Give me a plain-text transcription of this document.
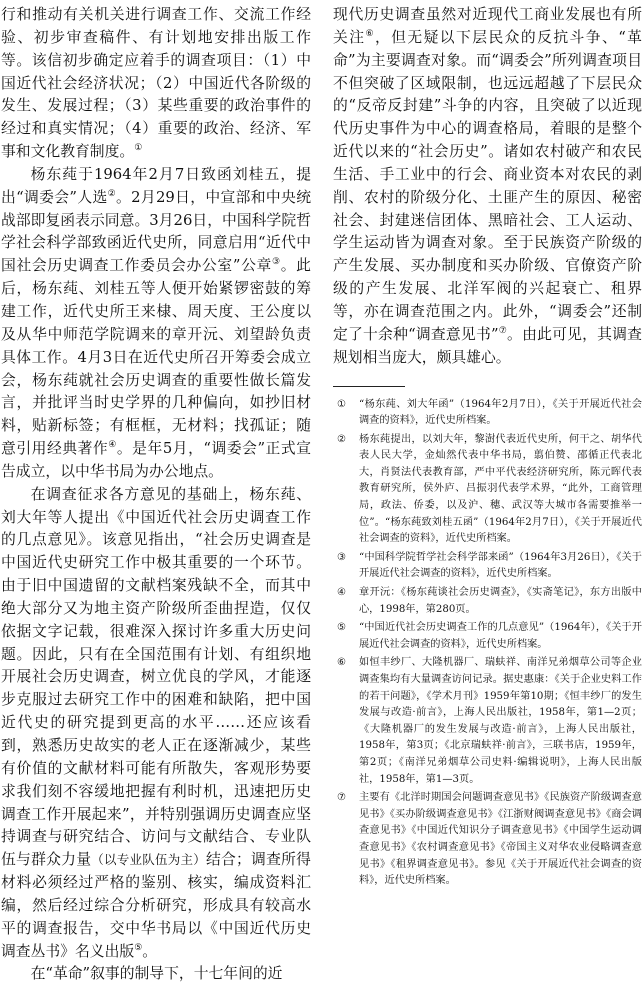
行和推动有关机关进行调查工作、交流工作经验、初步审查稿件、有计划地安排出版工作等。该信初步确定应着手的调查项目：（1）中国近代社会经济状况；（2）中国近代各阶级的发生、发展过程；（3）某些重要的政治事件的经过和真实情况；（4）重要的政治、经济、军事和文化教育制度。①

杨东莼于1964年2月7日致函刘桂五，提出“调委会”人选②。2月29日，中宣部和中央统战部即复函表示同意。3月26日，中国科学院哲学社会科学部致函近代史所，同意启用“近代中国社会历史调查工作委员会办公室”公章③。此后，杨东莼、刘桂五等人便开始紧锣密鼓的筹建工作，近代史所王来棣、周天度、王公度以及从华中师范学院调来的章开沅、刘望龄负责具体工作。4月3日在近代史所召开筹委会成立会，杨东莼就社会历史调查的重要性做长篇发言，并批评当时史学界的几种偏向，如抄旧材料，贴新标签；有框框，无材料；找孤证；随意引用经典著作④。是年5月，“调委会”正式宣告成立，以中华书局为办公地点。

在调查征求各方意见的基础上，杨东莼、刘大年等人提出《中国近代社会历史调查工作的几点意见》。该意见指出，“社会历史调查是中国近代史研究工作中极其重要的一个环节。由于旧中国遗留的文献档案残缺不全，而其中绝大部分又为地主资产阶级所歪曲捏造，仅仅依据文字记载，很难深入探讨许多重大历史问题。因此，只有在全国范围有计划、有组织地开展社会历史调查，树立优良的学风，才能逐步克服过去研究工作中的困难和缺陷，把中国近代史的研究提到更高的水平……还应该看到，熟悉历史故实的老人正在逐渐减少，某些有价值的文献材料可能有所散失，客观形势要求我们刻不容缓地把握有利时机，迅速把历史调查工作开展起来”，并特别强调历史调查应坚持调查与研究结合、访问与文献结合、专业队伍与群众力量（以专业队伍为主）结合；调查所得材料必须经过严格的鉴别、核实，编成资料汇编，然后经过综合分析研究，形成具有较高水平的调查报告，交中华书局以《中国近代历史调查丛书》名义出版⑤。

在“革命”叙事的制导下，十七年间的近

现代历史调查虽然对近现代工商业发展也有所关注⑥，但无疑以下层民众的反抗斗争、“革命”为主要调查对象。而“调委会”所列调查项目不但突破了区域限制，也远远超越了下层民众的“反帝反封建”斗争的内容，且突破了以近现代历史事件为中心的调查格局，着眼的是整个近代以来的“社会历史”。诸如农村破产和农民生活、手工业中的行会、商业资本对农民的剥削、农村的阶级分化、土匪产生的原因、秘密社会、封建迷信团体、黑暗社会、工人运动、学生运动皆为调查对象。至于民族资产阶级的产生发展、买办制度和买办阶级、官僚资产阶级的产生发展、北洋军阀的兴起衰亡、租界等，亦在调查范围之内。此外，“调委会”还制定了十余种“调查意见书”⑦。由此可见，其调查规划相当庞大，颇具雄心。

①	“杨东莼、刘大年函”（1964年2月7日），《关于开展近代社会调查的资料》，近代史所档案。
②	杨东莼提出，以刘大年，黎澍代表近代史所，何干之、胡华代表人民大学，金灿然代表中华书局，翦伯赞、邵循正代表北大，肖贤法代表教育部，严中平代表经济研究所，陈元晖代表教育研究所，侯外庐、吕振羽代表学术界，“此外，工商管理局，政法、侨委，以及沪、穗、武汉等大城市各需要推举一位”。“杨东莼致刘桂五函”（1964年2月7日），《关于开展近代社会调查的资料》，近代史所档案。
③	“中国科学院哲学社会科学部来函”（1964年3月26日），《关于开展近代社会调查的资料》，近代史所档案。
④	章开沅：《杨东莼谈社会历史调查》，《实斋笔记》，东方出版中心，1998年，第280页。
⑤	“中国近代社会历史调查工作的几点意见”（1964年），《关于开展近代社会调查的资料》，近代史所档案。
⑥	如恒丰纱厂、大隆机器厂、瑞蚨祥、南洋兄弟烟草公司等企业调查集均有大量调查访问记录。据史惠康：《关于企业史料工作的若干问题》，《学术月刊》1959年第10期；《恒丰纱厂的发生发展与改造·前言》，上海人民出版社，1958年，第1—2页；《大隆机器厂的发生发展与改造·前言》，上海人民出版社，1958年，第3页；《北京瑞蚨祥·前言》，三联书店，1959年，第2页；《南洋兄弟烟草公司史料·编辑说明》，上海人民出版社，1958年，第1—3页。
⑦	主要有《北洋时期国会问题调查意见书》《民族资产阶级调查意见书》《买办阶级调查意见书》《江浙财阀调查意见书》《商会调查意见书》《中国近代知识分子调查意见书》《中国学生运动调查意见书》《农村调查意见书》《帝国主义对华农业侵略调查意见书》《租界调查意见书》。参见《关于开展近代社会调查的资料》，近代史所档案。
